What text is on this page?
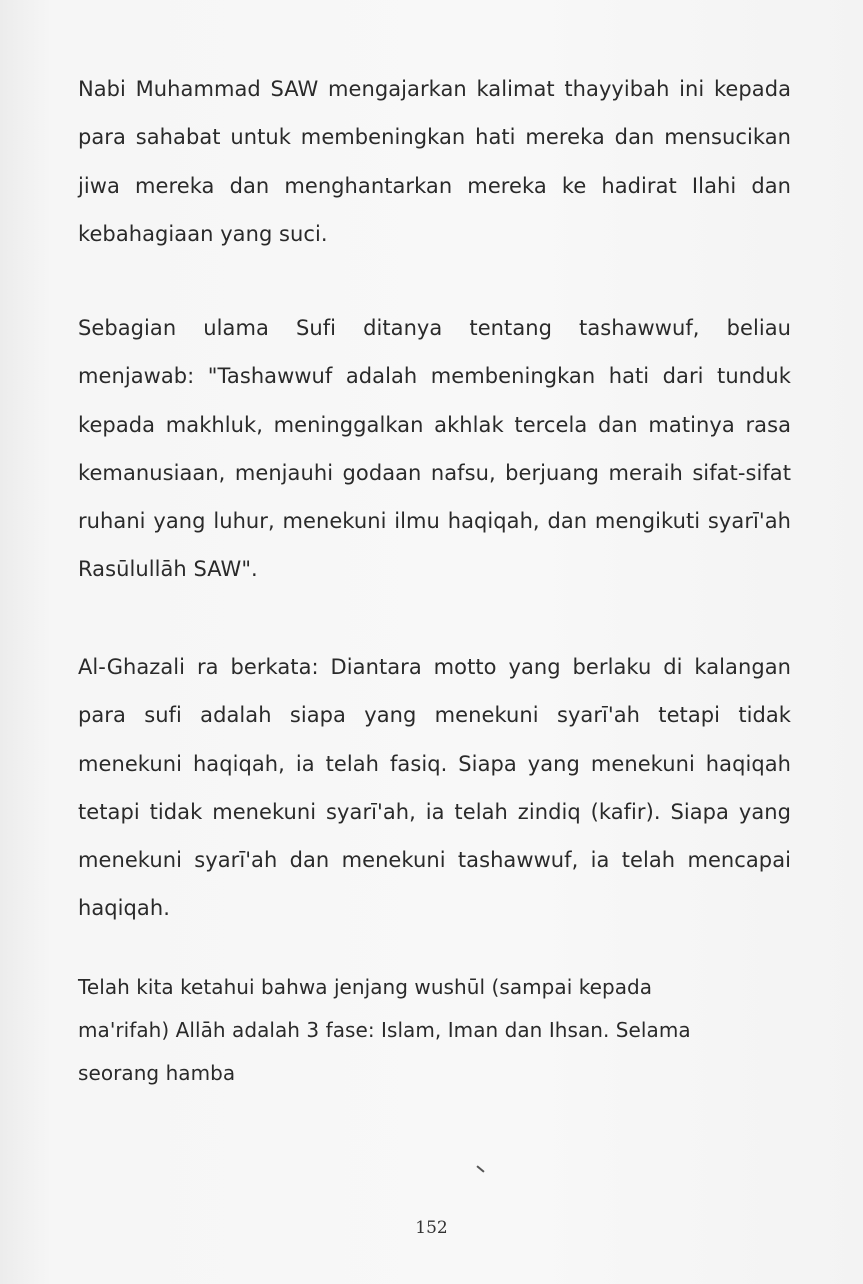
Nabi Muhammad SAW mengajarkan kalimat thayyibah ini kepada para sahabat untuk membeningkan hati mereka dan mensucikan jiwa mereka dan menghantarkan mereka ke hadirat Ilahi dan kebahagiaan yang suci.

Sebagian ulama Sufi ditanya tentang tashawwuf, beliau menjawab: "Tashawwuf adalah membeningkan hati dari tunduk kepada makhluk, meninggalkan akhlak tercela dan matinya rasa kemanusiaan, menjauhi godaan nafsu, berjuang meraih sifat-sifat ruhani yang luhur, menekuni ilmu haqiqah, dan mengikuti syarī'ah Rasūlullāh SAW".

Al-Ghazali ra berkata: Diantara motto yang berlaku di kalangan para sufi adalah siapa yang menekuni syarī'ah tetapi tidak menekuni haqiqah, ia telah fasiq. Siapa yang menekuni haqiqah tetapi tidak menekuni syarī'ah, ia telah zindiq (kafir). Siapa yang menekuni syarī'ah dan menekuni tashawwuf, ia telah mencapai haqiqah.

Telah kita ketahui bahwa jenjang wushūl (sampai kepada ma'rifah) Allāh adalah 3 fase: Islam, Iman dan Ihsan. Selama seorang hamba

152
